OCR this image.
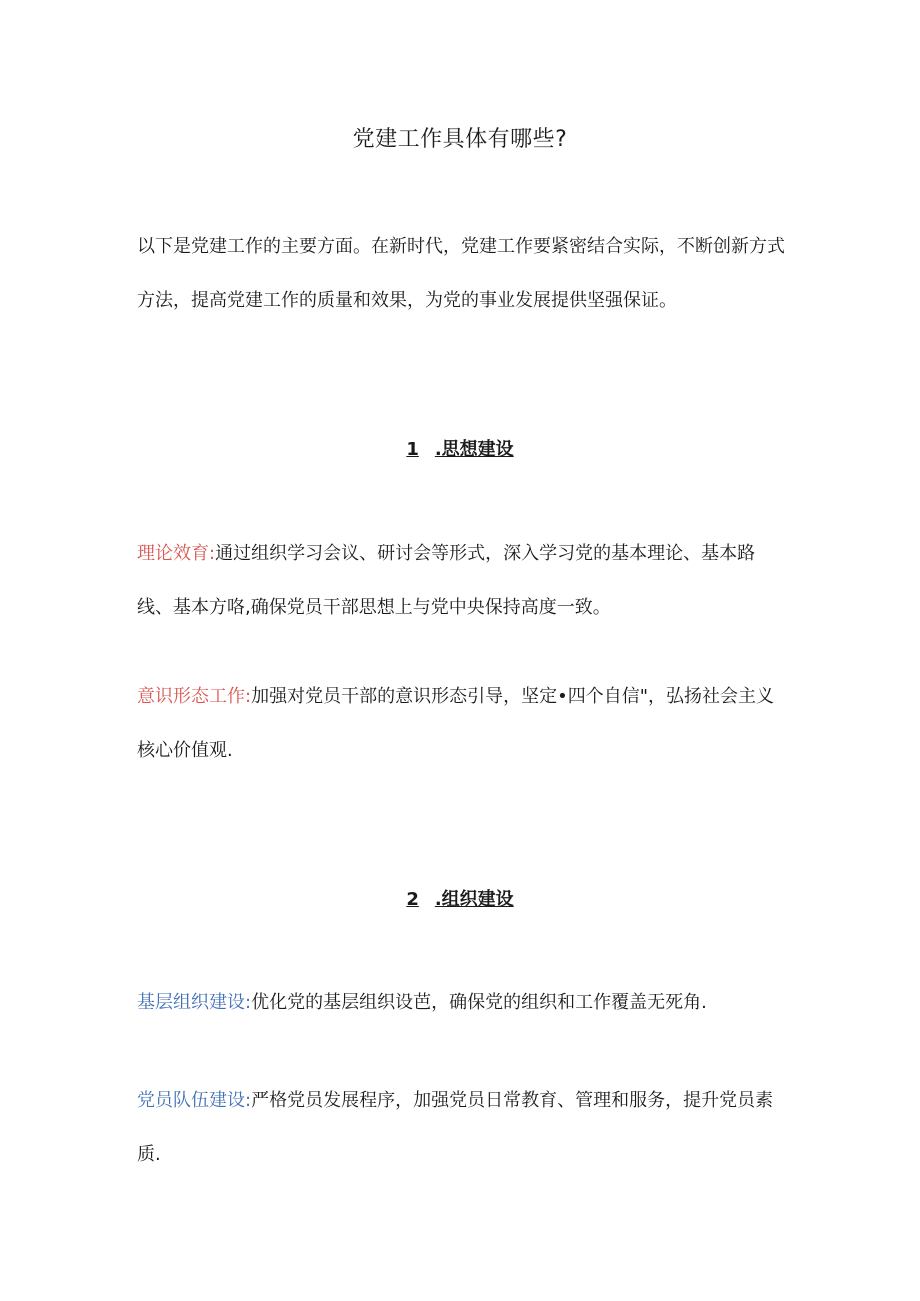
党建工作具体有哪些?

以下是党建工作的主要方面。在新时代，党建工作要紧密结合实际，不断创新方式方法，提高党建工作的质量和效果，为党的事业发展提供坚强保证。

1 .思想建设

理论效育:通过组织学习会议、研讨会等形式，深入学习党的基本理论、基本路线、基本方咯,确保党员干部思想上与党中央保持高度一致。

意识形态工作:加强对党员干部的意识形态引导，坚定•四个自信"，弘扬社会主义核心价值观.

2 .组织建设

基层组织建设:优化党的基层组织设芭，确保党的组织和工作覆盖无死角.

党员队伍建设:严格党员发展程序，加强党员日常教育、管理和服务，提升党员素质.
